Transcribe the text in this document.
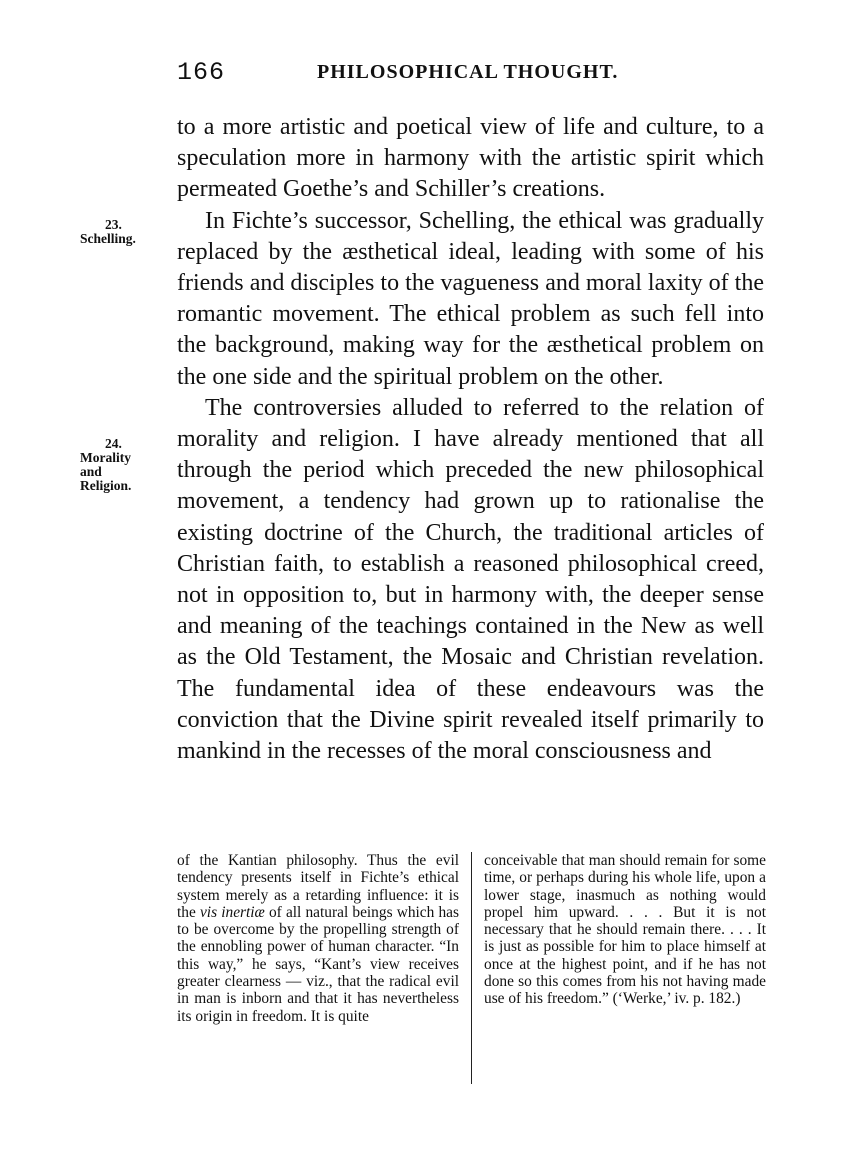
166	PHILOSOPHICAL THOUGHT.
23.
Schelling.
24.
Morality
and
Religion.

to a more artistic and poetical view of life and culture, to a speculation more in harmony with the artistic spirit which permeated Goethe’s and Schiller’s creations.

In Fichte’s successor, Schelling, the ethical was gradually replaced by the æsthetical ideal, leading with some of his friends and disciples to the vagueness and moral laxity of the romantic movement. The ethical problem as such fell into the background, making way for the æsthetical problem on the one side and the spiritual problem on the other.

The controversies alluded to referred to the relation of morality and religion. I have already mentioned that all through the period which preceded the new philosophical movement, a tendency had grown up to rationalise the existing doctrine of the Church, the traditional articles of Christian faith, to establish a reasoned philosophical creed, not in opposition to, but in harmony with, the deeper sense and meaning of the teachings contained in the New as well as the Old Testament, the Mosaic and Christian revelation. The fundamental idea of these endeavours was the conviction that the Divine spirit revealed itself primarily to mankind in the recesses of the moral consciousness and

of the Kantian philosophy. Thus the evil tendency presents itself in Fichte’s ethical system merely as a retarding influence: it is the vis inertiæ of all natural beings which has to be overcome by the propelling strength of the ennobling power of human character. “In this way,” he says, “Kant’s view receives greater clearness — viz., that the radical evil in man is inborn and that it has nevertheless its origin in freedom. It is quite
conceivable that man should remain for some time, or perhaps during his whole life, upon a lower stage, inasmuch as nothing would propel him upward. . . . But it is not necessary that he should remain there. . . . It is just as possible for him to place himself at once at the highest point, and if he has not done so this comes from his not having made use of his freedom.” (‘Werke,’ iv. p. 182.)
